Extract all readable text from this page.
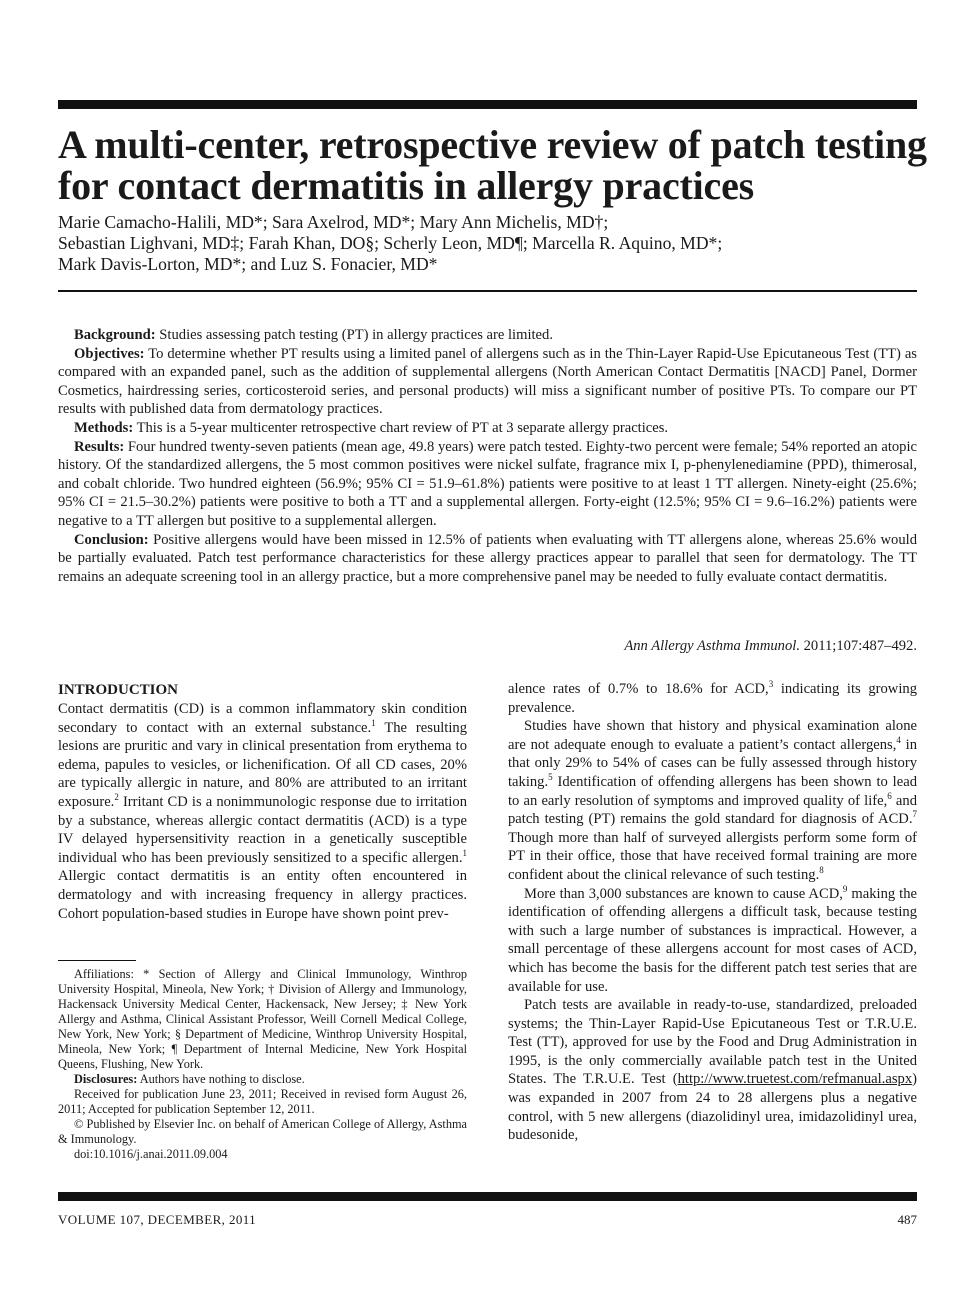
A multi-center, retrospective review of patch testing for contact dermatitis in allergy practices
Marie Camacho-Halili, MD*; Sara Axelrod, MD*; Mary Ann Michelis, MD†;
Sebastian Lighvani, MD‡; Farah Khan, DO§; Scherly Leon, MD¶; Marcella R. Aquino, MD*;
Mark Davis-Lorton, MD*; and Luz S. Fonacier, MD*

Background: Studies assessing patch testing (PT) in allergy practices are limited.

Objectives: To determine whether PT results using a limited panel of allergens such as in the Thin-Layer Rapid-Use Epicutaneous Test (TT) as compared with an expanded panel, such as the addition of supplemental allergens (North American Contact Dermatitis [NACD] Panel, Dormer Cosmetics, hairdressing series, corticosteroid series, and personal products) will miss a significant number of positive PTs. To compare our PT results with published data from dermatology practices.

Methods: This is a 5-year multicenter retrospective chart review of PT at 3 separate allergy practices.

Results: Four hundred twenty-seven patients (mean age, 49.8 years) were patch tested. Eighty-two percent were female; 54% reported an atopic history. Of the standardized allergens, the 5 most common positives were nickel sulfate, fragrance mix I, p-phenylenediamine (PPD), thimerosal, and cobalt chloride. Two hundred eighteen (56.9%; 95% CI = 51.9–61.8%) patients were positive to at least 1 TT allergen. Ninety-eight (25.6%; 95% CI = 21.5–30.2%) patients were positive to both a TT and a supplemental allergen. Forty-eight (12.5%; 95% CI = 9.6–16.2%) patients were negative to a TT allergen but positive to a supplemental allergen.

Conclusion: Positive allergens would have been missed in 12.5% of patients when evaluating with TT allergens alone, whereas 25.6% would be partially evaluated. Patch test performance characteristics for these allergy practices appear to parallel that seen for dermatology. The TT remains an adequate screening tool in an allergy practice, but a more comprehensive panel may be needed to fully evaluate contact dermatitis.

Ann Allergy Asthma Immunol. 2011;107:487–492.

INTRODUCTION

Contact dermatitis (CD) is a common inflammatory skin condition secondary to contact with an external substance.$^1$ The resulting lesions are pruritic and vary in clinical presentation from erythema to edema, papules to vesicles, or lichenification. Of all CD cases, 20% are typically allergic in nature, and 80% are attributed to an irritant exposure.$^2$ Irritant CD is a nonimmunologic response due to irritation by a substance, whereas allergic contact dermatitis (ACD) is a type IV delayed hypersensitivity reaction in a genetically susceptible individual who has been previously sensitized to a specific allergen.$^1$ Allergic contact dermatitis is an entity often encountered in dermatology and with increasing frequency in allergy practices. Cohort population-based studies in Europe have shown point prev-

Affiliations: * Section of Allergy and Clinical Immunology, Winthrop University Hospital, Mineola, New York; † Division of Allergy and Immunology, Hackensack University Medical Center, Hackensack, New Jersey; ‡ New York Allergy and Asthma, Clinical Assistant Professor, Weill Cornell Medical College, New York, New York; § Department of Medicine, Winthrop University Hospital, Mineola, New York; ¶ Department of Internal Medicine, New York Hospital Queens, Flushing, New York.

Disclosures: Authors have nothing to disclose.

Received for publication June 23, 2011; Received in revised form August 26, 2011; Accepted for publication September 12, 2011.

© Published by Elsevier Inc. on behalf of American College of Allergy, Asthma & Immunology.

doi:10.1016/j.anai.2011.09.004

alence rates of 0.7% to 18.6% for ACD,$^3$ indicating its growing prevalence.

Studies have shown that history and physical examination alone are not adequate enough to evaluate a patient’s contact allergens,$^4$ in that only 29% to 54% of cases can be fully assessed through history taking.$^5$ Identification of offending allergens has been shown to lead to an early resolution of symptoms and improved quality of life,$^6$ and patch testing (PT) remains the gold standard for diagnosis of ACD.$^7$ Though more than half of surveyed allergists perform some form of PT in their office, those that have received formal training are more confident about the clinical relevance of such testing.$^8$

More than 3,000 substances are known to cause ACD,$^9$ making the identification of offending allergens a difficult task, because testing with such a large number of substances is impractical. However, a small percentage of these allergens account for most cases of ACD, which has become the basis for the different patch test series that are available for use.

Patch tests are available in ready-to-use, standardized, preloaded systems; the Thin-Layer Rapid-Use Epicutaneous Test or T.R.U.E. Test (TT), approved for use by the Food and Drug Administration in 1995, is the only commercially available patch test in the United States. The T.R.U.E. Test (http://www.truetest.com/refmanual.aspx) was expanded in 2007 from 24 to 28 allergens plus a negative control, with 5 new allergens (diazolidinyl urea, imidazolidinyl urea, budesonide,

VOLUME 107, DECEMBER, 2011	487
